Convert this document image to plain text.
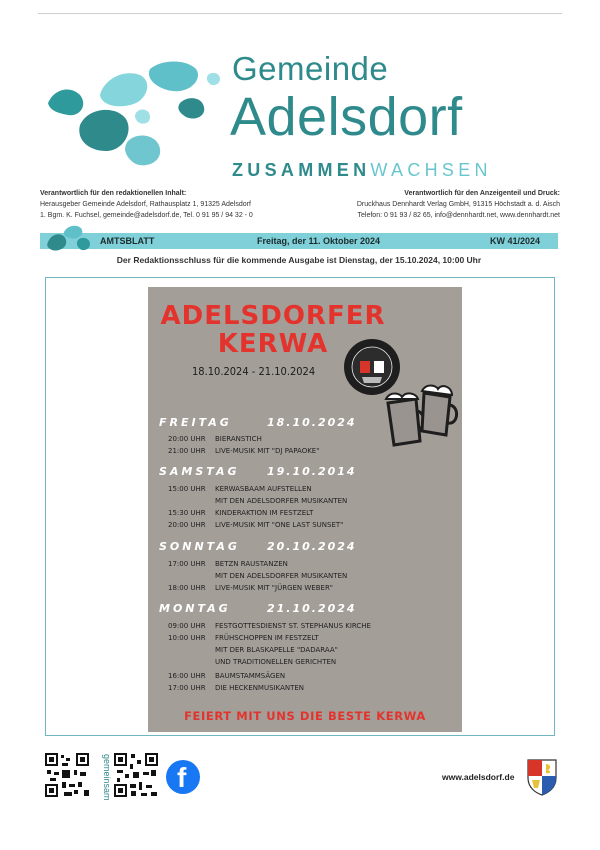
Gemeinde
Adelsdorf
ZUSAMMENWACHSEN
Verantwortlich für den redaktionellen Inhalt:
Herausgeber Gemeinde Adelsdorf, Rathausplatz 1, 91325 Adelsdorf
1. Bgm. K. Fuchsel, gemeinde@adelsdorf.de, Tel. 0 91 95 / 94 32 - 0
Verantwortlich für den Anzeigenteil und Druck:
Druckhaus Dennhardt Verlag GmbH, 91315 Höchstadt a. d. Aisch
Telefon: 0 91 93 / 82 65, info@dennhardt.net, www.dennhardt.net
AMTSBLATT	Freitag, der 11. Oktober 2024	KW 41/2024
Der Redaktionsschluss für die kommende Ausgabe ist Dienstag, der 15.10.2024, 10:00 Uhr
ADELSDORFER
KERWA
18.10.2024 - 21.10.2024
FREITAG	18.10.2024
20:00 UHR BIERANSTICH
21:00 UHR LIVE-MUSIK MIT "DJ PAPAOKE"
SAMSTAG	19.10.2014
15:00 UHR KERWASBAAM AUFSTELLEN
MIT DEN ADELSDORFER MUSIKANTEN
15:30 UHR KINDERAKTION IM FESTZELT
20:00 UHR LIVE-MUSIK MIT "ONE LAST SUNSET"
SONNTAG 20.10.2024
17:00 UHR BETZN RAUSTANZEN
MIT DEN ADELSDORFER MUSIKANTEN
18:00 UHR LIVE-MUSIK MIT "JÜRGEN WEBER"
MONTAG	21.10.2024
09:00 UHR FESTGOTTESDIENST ST. STEPHANUS KIRCHE
10:00 UHR FRÜHSCHOPPEN IM FESTZELT
MIT DER BLASKAPELLE "DADARAA"
UND TRADITIONELLEN GERICHTEN
16:00 UHR BAUMSTAMMSÄGEN
17:00 UHR DIE HECKENMUSIKANTEN
FEIERT MIT UNS DIE BESTE KERWA
gemeinsam f	www.adelsdorf.de
